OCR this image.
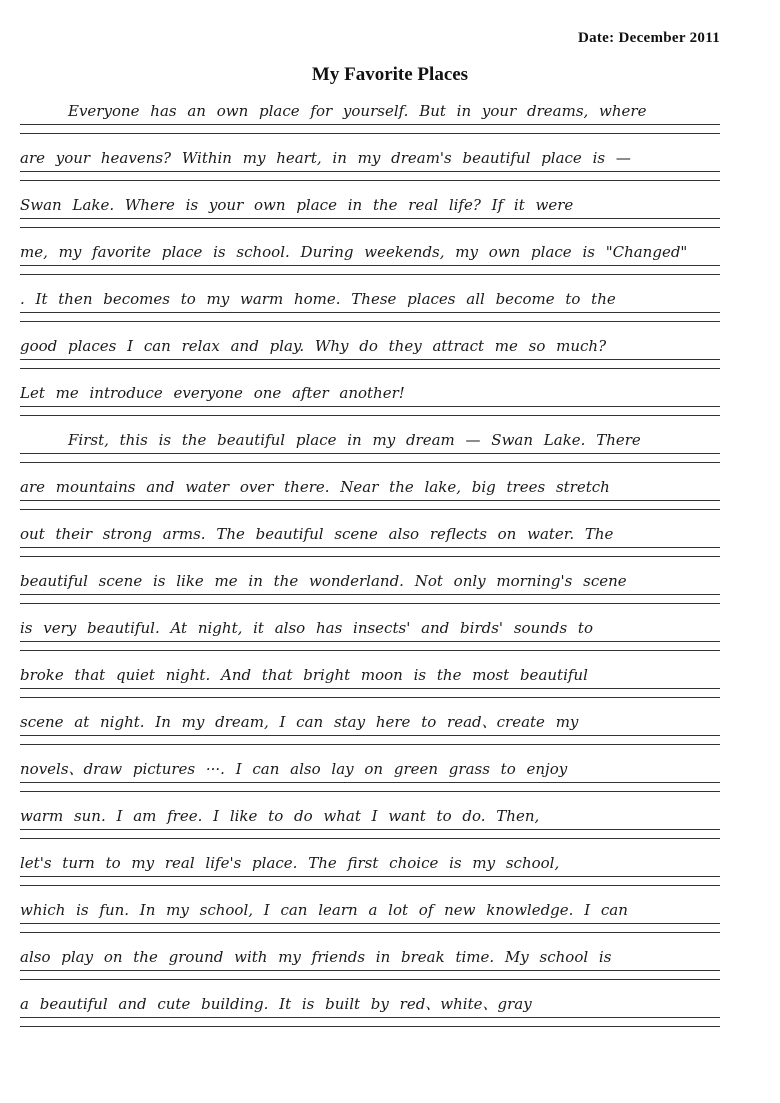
Date: December 2011
My Favorite Places
Everyone has an own place for yourself. But in your dreams, where
are your heavens? Within my heart, in my dream's beautiful place is —
Swan Lake. Where is your own place in the real life? If it were
me, my favorite place is school. During weekends, my own place is "Changed"
. It then becomes to my warm home. These places all become to the
good places I can relax and play. Why do they attract me so much?
Let me introduce everyone one after another!
First, this is the beautiful place in my dream — Swan Lake. There
are mountains and water over there. Near the lake, big trees stretch
out their strong arms. The beautiful scene also reflects on water. The
beautiful scene is like me in the wonderland. Not only morning's scene
is very beautiful. At night, it also has insects' and birds' sounds to
broke that quiet night. And that bright moon is the most beautiful
scene at night. In my dream, I can stay here to read、create my
novels、draw pictures ···. I can also lay on green grass to enjoy
warm sun. I am free. I like to do what I want to do. Then,
let's turn to my real life's place. The first choice is my school,
which is fun. In my school, I can learn a lot of new knowledge. I can
also play on the ground with my friends in break time. My school is
a beautiful and cute building. It is built by red、white、gray
